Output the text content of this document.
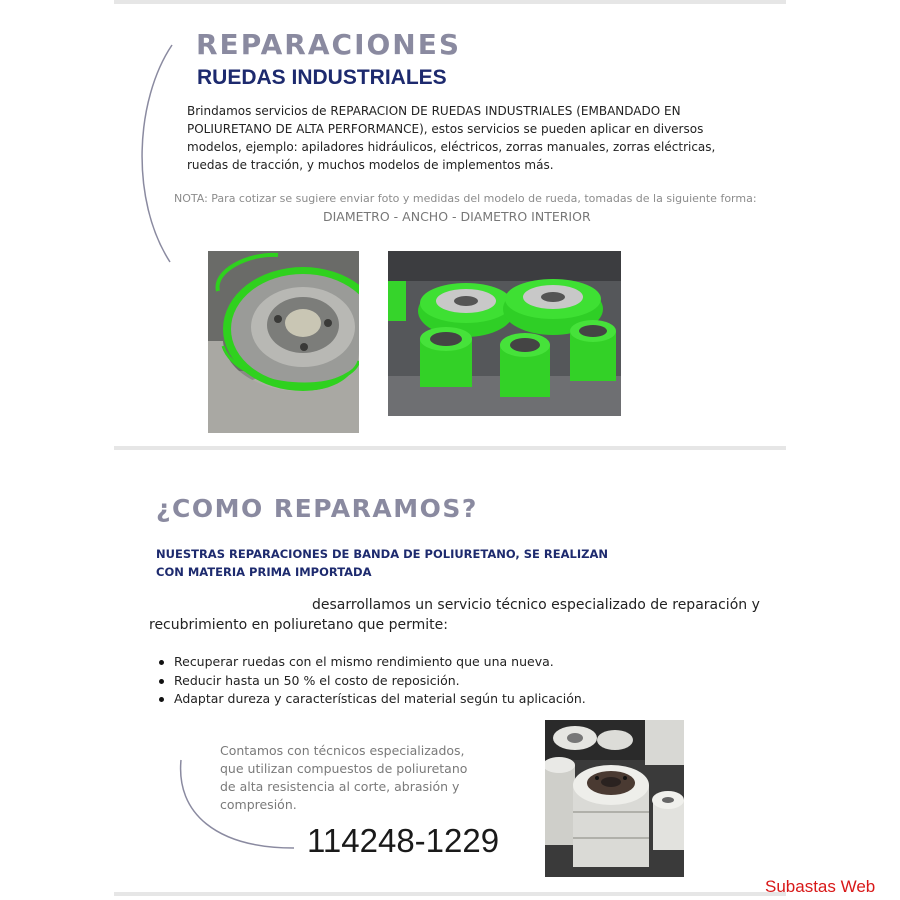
REPARACIONES
RUEDAS INDUSTRIALES
Brindamos servicios de REPARACION DE RUEDAS INDUSTRIALES (EMBANDADO EN POLIURETANO DE ALTA PERFORMANCE), estos servicios se pueden aplicar en diversos modelos, ejemplo: apiladores hidráulicos, eléctricos, zorras manuales, zorras eléctricas, ruedas de tracción, y muchos modelos de implementos más.
NOTA: Para cotizar se sugiere enviar foto y medidas del modelo de rueda, tomadas de la siguiente forma:
DIAMETRO - ANCHO - DIAMETRO INTERIOR
¿COMO REPARAMOS?
NUESTRAS REPARACIONES DE BANDA DE POLIURETANO, SE REALIZAN
CON MATERIA PRIMA IMPORTADA
desarrollamos un servicio técnico especializado de reparación y
recubrimiento en poliuretano que permite:
Recuperar ruedas con el mismo rendimiento que una nueva.
Reducir hasta un 50 % el costo de reposición.
Adaptar dureza y características del material según tu aplicación.
Contamos con técnicos especializados,
que utilizan compuestos de poliuretano
de alta resistencia al corte, abrasión y
compresión.
114248-1229
Subastas Web
